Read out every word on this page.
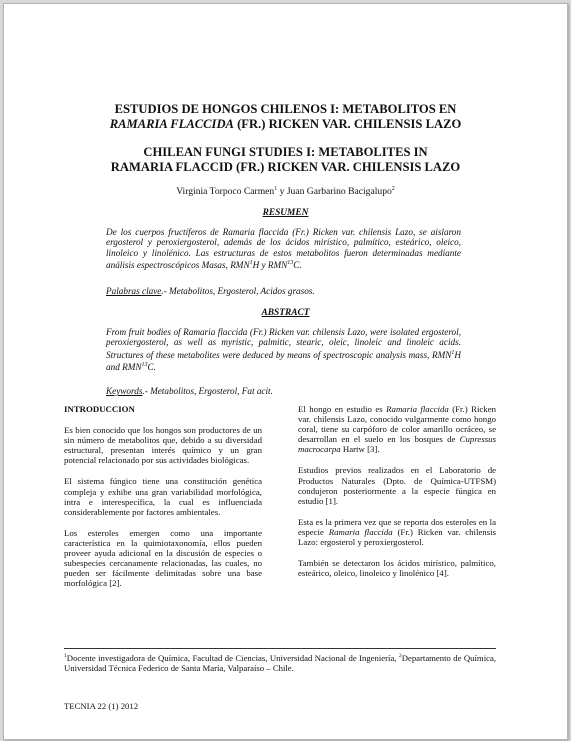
ESTUDIOS DE HONGOS CHILENOS I: METABOLITOS EN

RAMARIA FLACCIDA (FR.) RICKEN VAR. CHILENSIS LAZO

CHILEAN FUNGI STUDIES I: METABOLITES IN

RAMARIA FLACCID (FR.) RICKEN VAR. CHILENSIS LAZO

Virginia Torpoco Carmen$^1$ y Juan Garbarino Bacigalupo$^2$
RESUMEN

De los cuerpos fructíferos de Ramaria flaccida (Fr.) Ricken var. chilensis Lazo, se aislaron ergosterol y peroxiergosterol, además de los ácidos mirístico, palmítico, esteárico, oleico, linoleico y linolénico. Las estructuras de estos metabolitos fueron determinadas mediante análisis espectroscópicos Masas, RMN$^1$H y RMN$^{13}$C.

Palabras clave.- Metabolitos, Ergosterol, Acidos grasos.

ABSTRACT

From fruit bodies of Ramaria flaccida (Fr.) Ricken var. chilensis Lazo, were isolated ergosterol, peroxiergosterol, as well as myristic, palmitic, stearic, oleic, linoleic and linoleic acids. Structures of these metabolites were deduced by means of spectroscopic analysis mass, RMN$^1$H and RMN$^{13}$C.

Keywords.- Metabolitos, Ergosterol, Fat acit.

INTRODUCCION

Es bien conocido que los hongos son productores de un sin número de metabolitos que, debido a su diversidad estructural, presentan interés químico y un gran potencial relacionado por sus actividades biológicas.

El sistema fúngico tiene una constitución genética compleja y exhibe una gran variabilidad morfológica, intra e interespecífica, la cual es influenciada considerablemente por factores ambientales.

Los esteroles emergen como una importante característica en la quimiotaxonomía, ellos pueden proveer ayuda adicional en la discusión de especies o subespecies cercanamente relacionadas, las cuales, no pueden ser fácilmente delimitadas sobre una base morfológica [2].

El hongo en estudio es Ramaria flaccida (Fr.) Ricken var. chilensis Lazo, conocido vulgarmente como hongo coral, tiene su carpóforo de color amarillo ocráceo, se desarrollan en el suelo en los bosques de Cupressus macrocarpa Hartw [3].

Estudios previos realizados en el Laboratorio de Productos Naturales (Dpto. de Química-UTFSM) condujeron posteriormente a la especie fúngica en estudio [1].

Esta es la primera vez que se reporta dos esteroles en la especie Ramaria flaccida (Fr.) Ricken var. chilensis Lazo: ergosterol y peroxiergosterol.

También se detectaron los ácidos mirístico, palmítico, esteárico, oleico, linoleico y linolénico [4].

$^1$Docente investigadora de Química, Facultad de Ciencias, Universidad Nacional de Ingeniería, $^2$Departamento de Química, Universidad Técnica Federico de Santa María, Valparaíso – Chile.

TECNIA 22 (1) 2012
